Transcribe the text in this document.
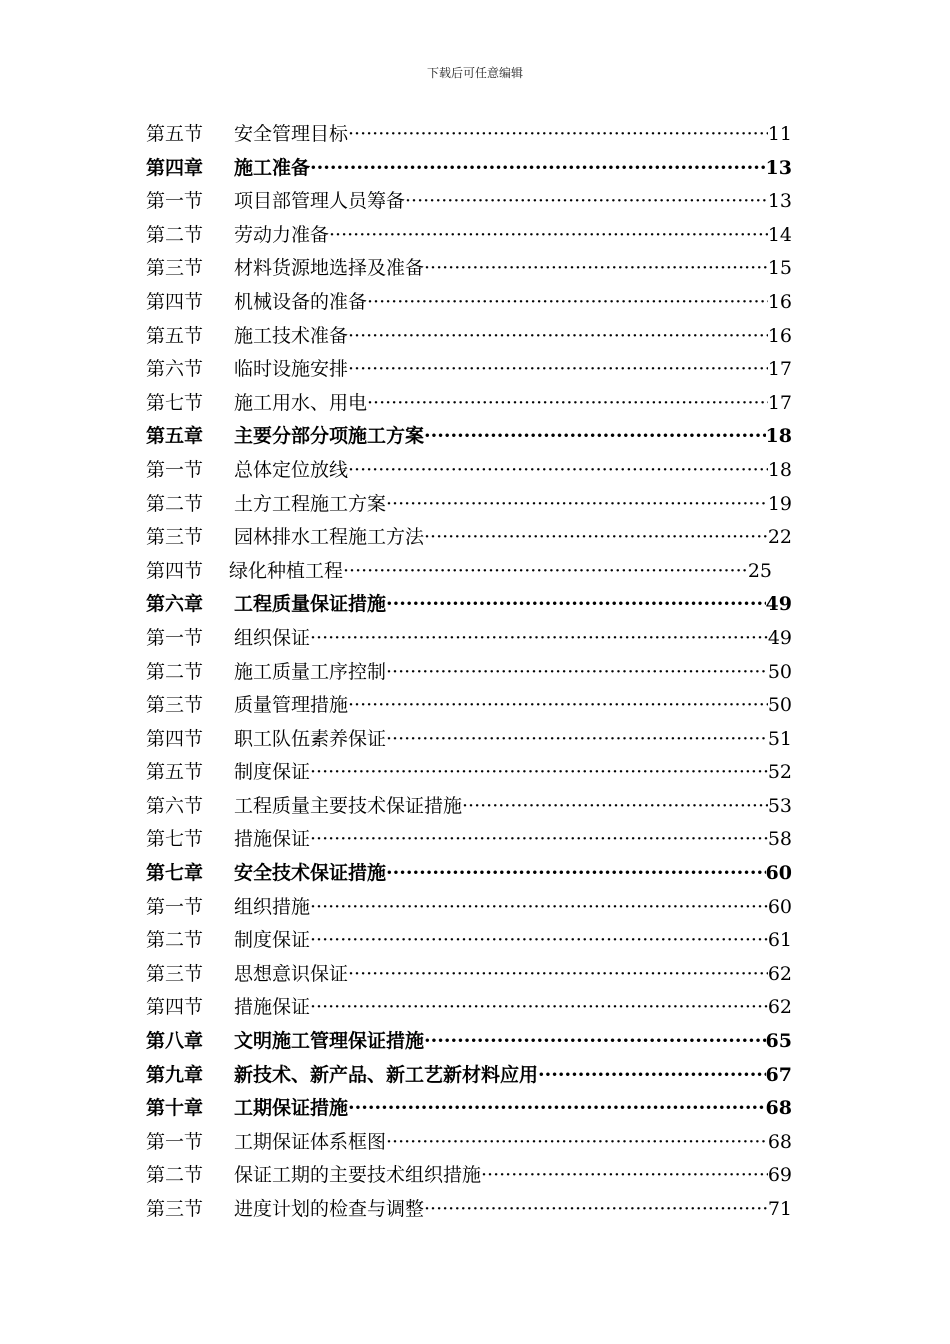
下载后可任意编辑
第五节	安全管理目标 ·····	11
第四章	施工准备 ·····	13
第一节	项目部管理人员筹备 ·····	13
第二节	劳动力准备 ·····	14
第三节	材料货源地选择及准备 ·····	15
第四节	机械设备的准备 ·····	16
第五节	施工技术准备 ·····	16
第六节	临时设施安排 ·····	17
第七节	施工用水、用电 ·····	17
第五章	主要分部分项施工方案 ·····	18
第一节	总体定位放线 ·····	18
第二节	土方工程施工方案 ·····	19
第三节	园林排水工程施工方法 ·····	22
第四节	绿化种植工程 ·····	25
第六章	工程质量保证措施 ·····	49
第一节	组织保证 ·····	49
第二节	施工质量工序控制 ·····	50
第三节	质量管理措施 ·····	50
第四节	职工队伍素养保证 ·····	51
第五节	制度保证 ·····	52
第六节	工程质量主要技术保证措施 ·····	53
第七节	措施保证 ·····	58
第七章	安全技术保证措施 ·····	60
第一节	组织措施 ·····	60
第二节	制度保证 ·····	61
第三节	思想意识保证 ·····	62
第四节	措施保证 ·····	62
第八章	文明施工管理保证措施 ·····	65
第九章	新技术、新产品、新工艺新材料应用 ·····	67
第十章	工期保证措施 ·····	68
第一节	工期保证体系框图 ·····	68
第二节	保证工期的主要技术组织措施 ·····	69
第三节	进度计划的检查与调整 ·····	71
